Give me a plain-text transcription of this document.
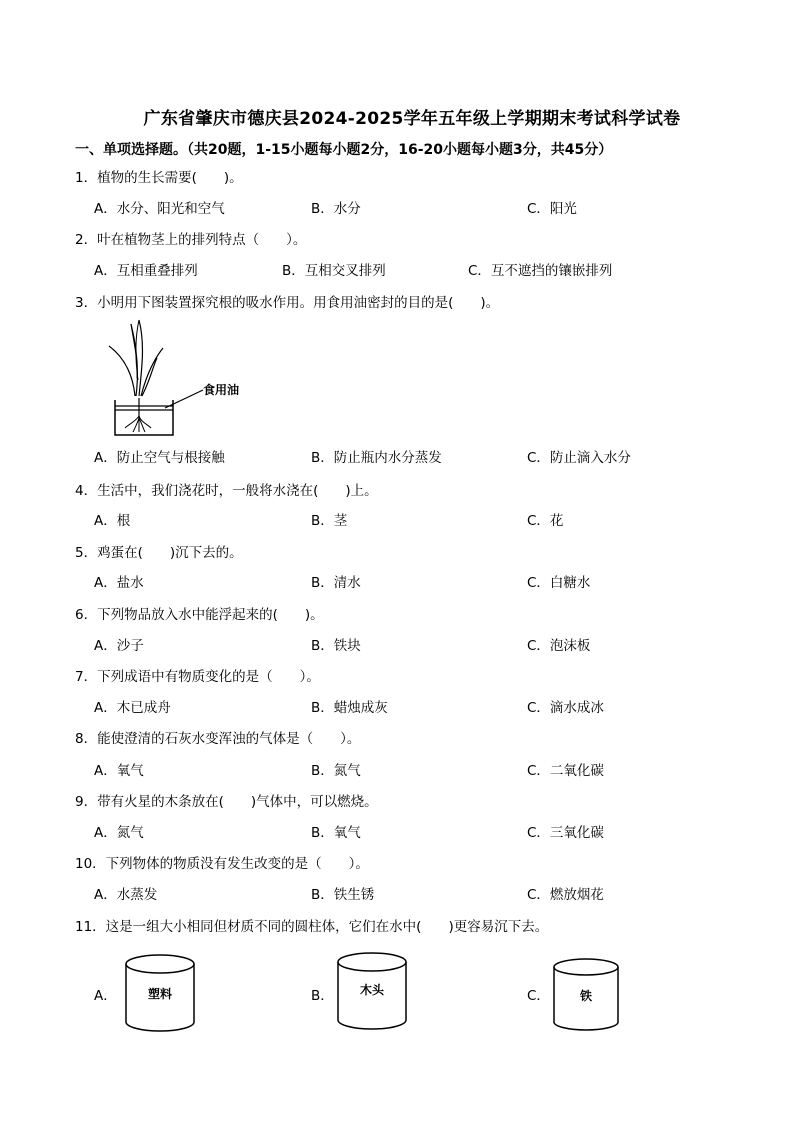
广东省肇庆市德庆县2024-2025学年五年级上学期期末考试科学试卷
一、单项选择题。（共20题，1-15小题每小题2分，16-20小题每小题3分，共45分）
1．植物的生长需要(　　)。
A．水分、阳光和空气	B．水分	C．阳光
2．叶在植物茎上的排列特点（　　）。
A．互相重叠排列	B．互相交叉排列	C．互不遮挡的镶嵌排列
3．小明用下图装置探究根的吸水作用。用食用油密封的目的是(　　)。
食用油
A．防止空气与根接触	B．防止瓶内水分蒸发	C．防止滴入水分
4．生活中，我们浇花时，一般将水浇在(　　)上。
A．根	B．茎	C．花
5．鸡蛋在(　　)沉下去的。
A．盐水	B．清水	C．白糖水
6．下列物品放入水中能浮起来的(　　)。
A．沙子	B．铁块	C．泡沫板
7．下列成语中有物质变化的是（　　）。
A．木已成舟	B．蜡烛成灰	C．滴水成冰
8．能使澄清的石灰水变浑浊的气体是（　　）。
A．氧气	B．氮气	C．二氧化碳
9．带有火星的木条放在(　　)气体中，可以燃烧。
A．氮气	B．氧气	C．三氧化碳
10．下列物体的物质没有发生改变的是（　　）。
A．水蒸发	B．铁生锈	C．燃放烟花
11．这是一组大小相同但材质不同的圆柱体，它们在水中(　　)更容易沉下去。
A．	塑料	B． 木头	C．	铁
